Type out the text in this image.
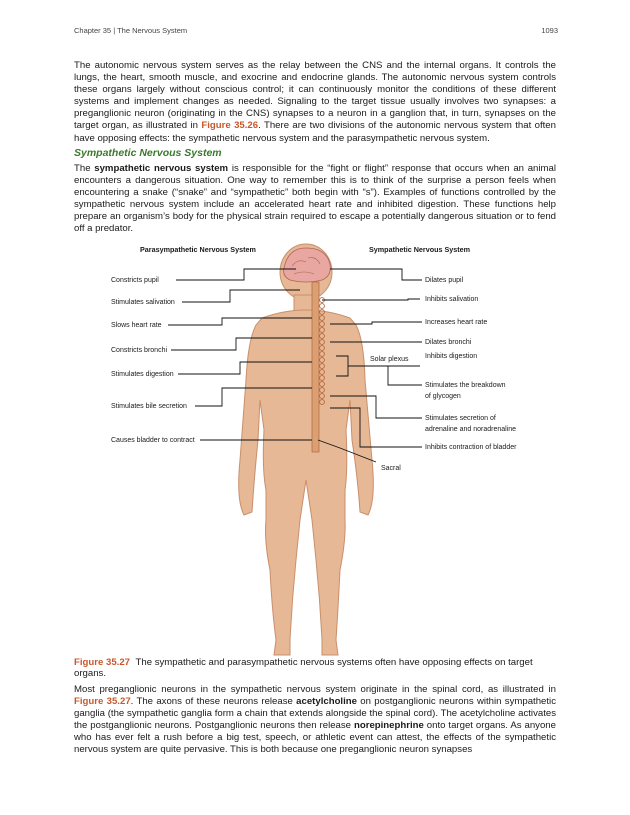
Chapter 35 | The Nervous System	1093

The autonomic nervous system serves as the relay between the CNS and the internal organs. It controls the lungs, the heart, smooth muscle, and exocrine and endocrine glands. The autonomic nervous system controls these organs largely without conscious control; it can continuously monitor the conditions of these different systems and implement changes as needed. Signaling to the target tissue usually involves two synapses: a preganglionic neuron (originating in the CNS) synapses to a neuron in a ganglion that, in turn, synapses on the target organ, as illustrated in Figure 35.26. There are two divisions of the autonomic nervous system that often have opposing effects: the sympathetic nervous system and the parasympathetic nervous system.

Sympathetic Nervous System

The sympathetic nervous system is responsible for the “fight or flight” response that occurs when an animal encounters a dangerous situation. One way to remember this is to think of the surprise a person feels when encountering a snake (“snake” and “sympathetic” both begin with “s”). Examples of functions controlled by the sympathetic nervous system include an accelerated heart rate and inhibited digestion. These functions help prepare an organism’s body for the physical strain required to escape a potentially dangerous situation or to fend off a predator.

Parasympathetic Nervous System	Sympathetic Nervous System
Constricts pupil
Stimulates salivation
Slows heart rate
Constricts bronchi
Stimulates digestion
Stimulates bile secretion
Causes bladder to contract
Dilates pupil
Inhibits salivation
Increases heart rate
Dilates bronchi
Inhibits digestion
Stimulates the breakdown
of glycogen
Stimulates secretion of
adrenaline and noradrenaline
Inhibits contraction of bladder
Solar plexus
Sacral

Figure 35.27 The sympathetic and parasympathetic nervous systems often have opposing effects on target organs.

Most preganglionic neurons in the sympathetic nervous system originate in the spinal cord, as illustrated in Figure 35.27. The axons of these neurons release acetylcholine on postganglionic neurons within sympathetic ganglia (the sympathetic ganglia form a chain that extends alongside the spinal cord). The acetylcholine activates the postganglionic neurons. Postganglionic neurons then release norepinephrine onto target organs. As anyone who has ever felt a rush before a big test, speech, or athletic event can attest, the effects of the sympathetic nervous system are quite pervasive. This is both because one preganglionic neuron synapses
